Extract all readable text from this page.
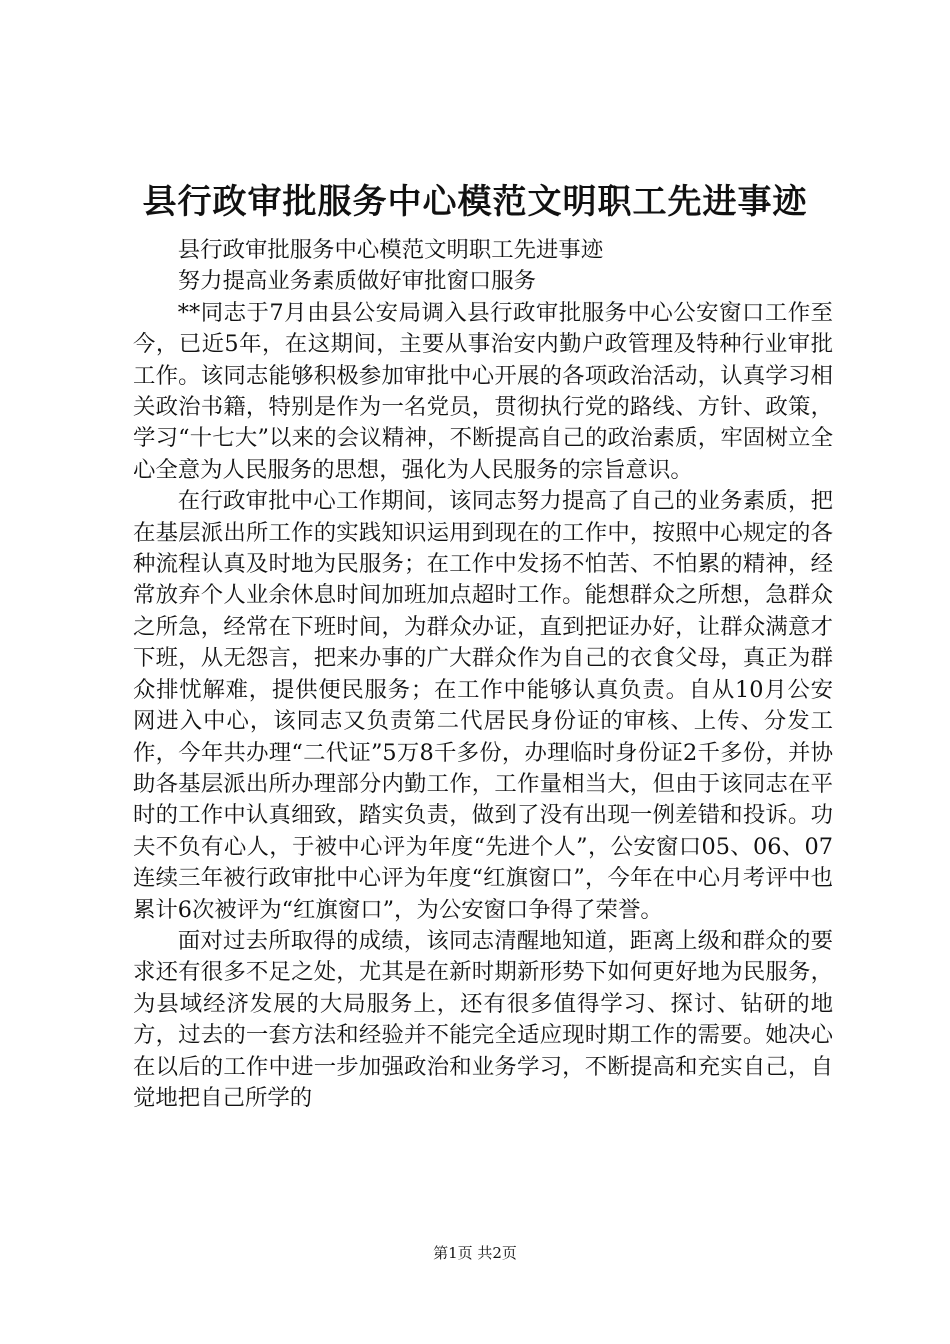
县行政审批服务中心模范文明职工先进事迹

县行政审批服务中心模范文明职工先进事迹

努力提高业务素质做好审批窗口服务

**同志于7月由县公安局调入县行政审批服务中心公安窗口工作至今，已近5年，在这期间，主要从事治安内勤户政管理及特种行业审批工作。该同志能够积极参加审批中心开展的各项政治活动，认真学习相关政治书籍，特别是作为一名党员，贯彻执行党的路线、方针、政策，学习“十七大”以来的会议精神，不断提高自己的政治素质，牢固树立全心全意为人民服务的思想，强化为人民服务的宗旨意识。

在行政审批中心工作期间，该同志努力提高了自己的业务素质，把在基层派出所工作的实践知识运用到现在的工作中，按照中心规定的各种流程认真及时地为民服务；在工作中发扬不怕苦、不怕累的精神，经常放弃个人业余休息时间加班加点超时工作。能想群众之所想，急群众之所急，经常在下班时间，为群众办证，直到把证办好，让群众满意才下班，从无怨言，把来办事的广大群众作为自己的衣食父母，真正为群众排忧解难，提供便民服务；在工作中能够认真负责。自从10月公安网进入中心，该同志又负责第二代居民身份证的审核、上传、分发工作，今年共办理“二代证”5万8千多份，办理临时身份证2千多份，并协助各基层派出所办理部分内勤工作，工作量相当大，但由于该同志在平时的工作中认真细致，踏实负责，做到了没有出现一例差错和投诉。功夫不负有心人，于被中心评为年度“先进个人”，公安窗口05、06、07连续三年被行政审批中心评为年度“红旗窗口”，今年在中心月考评中也累计6次被评为“红旗窗口”，为公安窗口争得了荣誉。

面对过去所取得的成绩，该同志清醒地知道，距离上级和群众的要求还有很多不足之处，尤其是在新时期新形势下如何更好地为民服务，为县域经济发展的大局服务上，还有很多值得学习、探讨、钻研的地方，过去的一套方法和经验并不能完全适应现时期工作的需要。她决心在以后的工作中进一步加强政治和业务学习，不断提高和充实自己，自觉地把自己所学的

第1页 共2页
